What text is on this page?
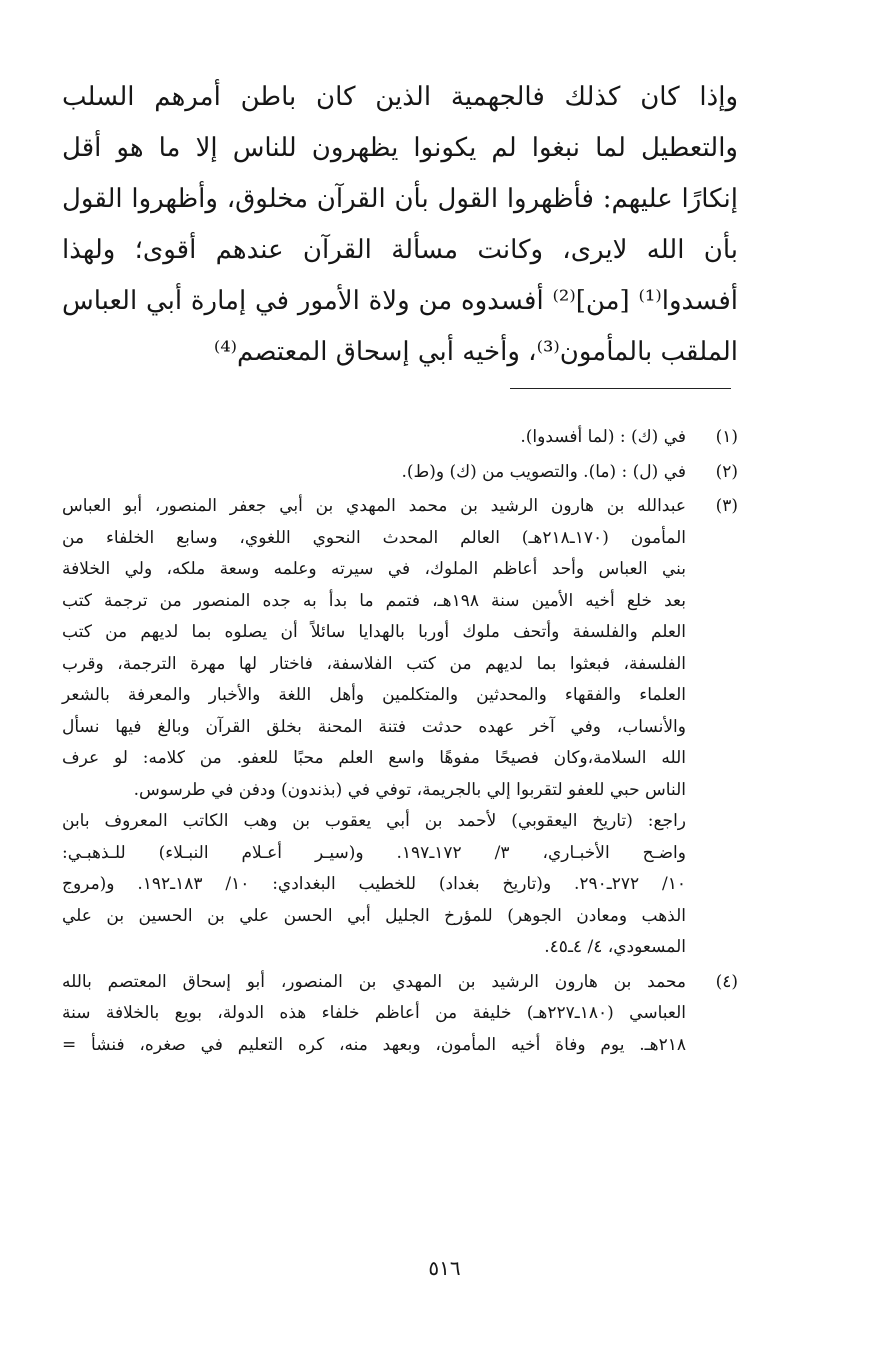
وإذا كان كذلك فالجهمية الذين كان باطن أمرهم السلب
والتعطيل لما نبغوا لم يكونوا يظهرون للناس إلا ما هو أقل
إنكارًا عليهم: فأظهروا القول بأن القرآن مخلوق، وأظهروا القول
بأن الله لايرى، وكانت مسألة القرآن عندهم أقوى؛ ولهذا
أفسدوا⁽¹⁾ [من]⁽²⁾ أفسدوه من ولاة الأمور في إمارة أبي العباس
الملقب بالمأمون⁽³⁾، وأخيه أبي إسحاق المعتصم⁽⁴⁾
(١)
في (ك) : (لما أفسدوا).
(٢)
في (ل) : (ما). والتصويب من (ك) و(ط).
(٣)
عبدالله بن هارون الرشيد بن محمد المهدي بن أبي جعفر المنصور، أبو العباس
المأمون (١٧٠ـ٢١٨هـ) العالم المحدث النحوي اللغوي، وسابع الخلفاء من
بني العباس وأحد أعاظم الملوك، في سيرته وعلمه وسعة ملكه، ولي الخلافة
بعد خلع أخيه الأمين سنة ١٩٨هـ، فتمم ما بدأ به جده المنصور من ترجمة كتب
العلم والفلسفة وأتحف ملوك أوربا بالهدايا سائلاً أن يصلوه بما لديهم من كتب
الفلسفة، فبعثوا بما لديهم من كتب الفلاسفة، فاختار لها مهرة الترجمة، وقرب
العلماء والفقهاء والمحدثين والمتكلمين وأهل اللغة والأخبار والمعرفة بالشعر
والأنساب، وفي آخر عهده حدثت فتنة المحنة بخلق القرآن وبالغ فيها نسأل
الله السلامة،وكان فصيحًا مفوهًا واسع العلم محبًا للعفو. من كلامه: لو عرف
الناس حبي للعفو لتقربوا إلي بالجريمة، توفي في (بذندون) ودفن في طرسوس.
راجع: (تاريخ اليعقوبي) لأحمد بن أبي يعقوب بن وهب الكاتب المعروف بابن
واضـح الأخبـاري، ٣/ ١٧٢ـ١٩٧. و(سيـر أعـلام النبـلاء) للـذهبـي:
١٠/ ٢٧٢ـ٢٩٠. و(تاريخ بغداد) للخطيب البغدادي: ١٠/ ١٨٣ـ١٩٢. و(مروج
الذهب ومعادن الجوهر) للمؤرخ الجليل أبي الحسن علي بن الحسين بن علي
المسعودي، ٤/ ٤ـ٤٥.
(٤)
محمد بن هارون الرشيد بن المهدي بن المنصور، أبو إسحاق المعتصم بالله
العباسي (١٨٠ـ٢٢٧هـ) خليفة من أعاظم خلفاء هذه الدولة، بويع بالخلافة سنة
٢١٨هـ. يوم وفاة أخيه المأمون، وبعهد منه، كره التعليم في صغره، فنشأ =
٥١٦
